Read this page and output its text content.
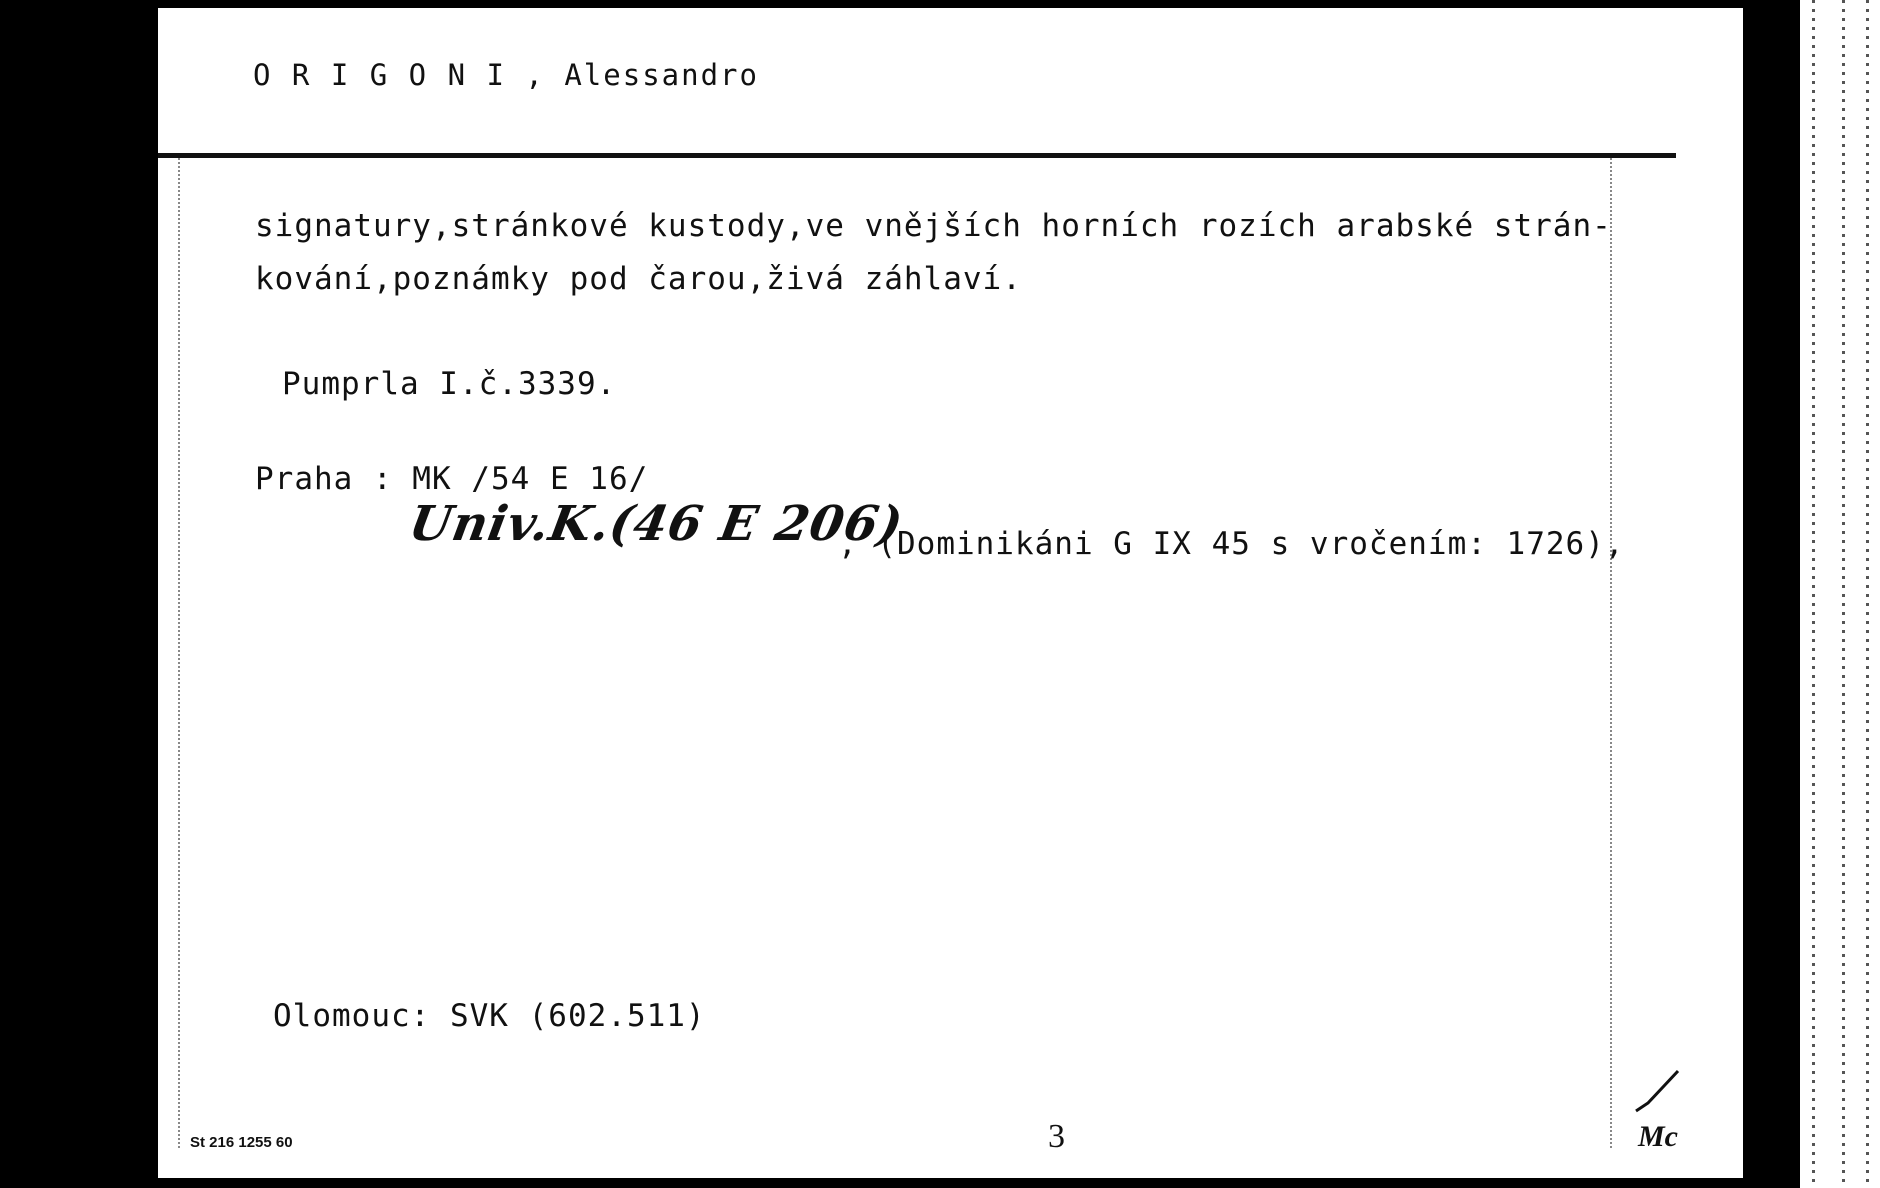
O R I G O N I , Alessandro
signatury,stránkové kustody,ve vnějších horních rozích arabské strán-
kování,poznámky pod čarou,živá záhlaví.
Pumprla I.č.3339.
Praha : MK /54 E 16/
Univ.K.(46 E 206)
, (Dominikáni G IX 45 s vročením: 1726),
Olomouc: SVK (602.511)
St 216 1255 60	3	Mc
